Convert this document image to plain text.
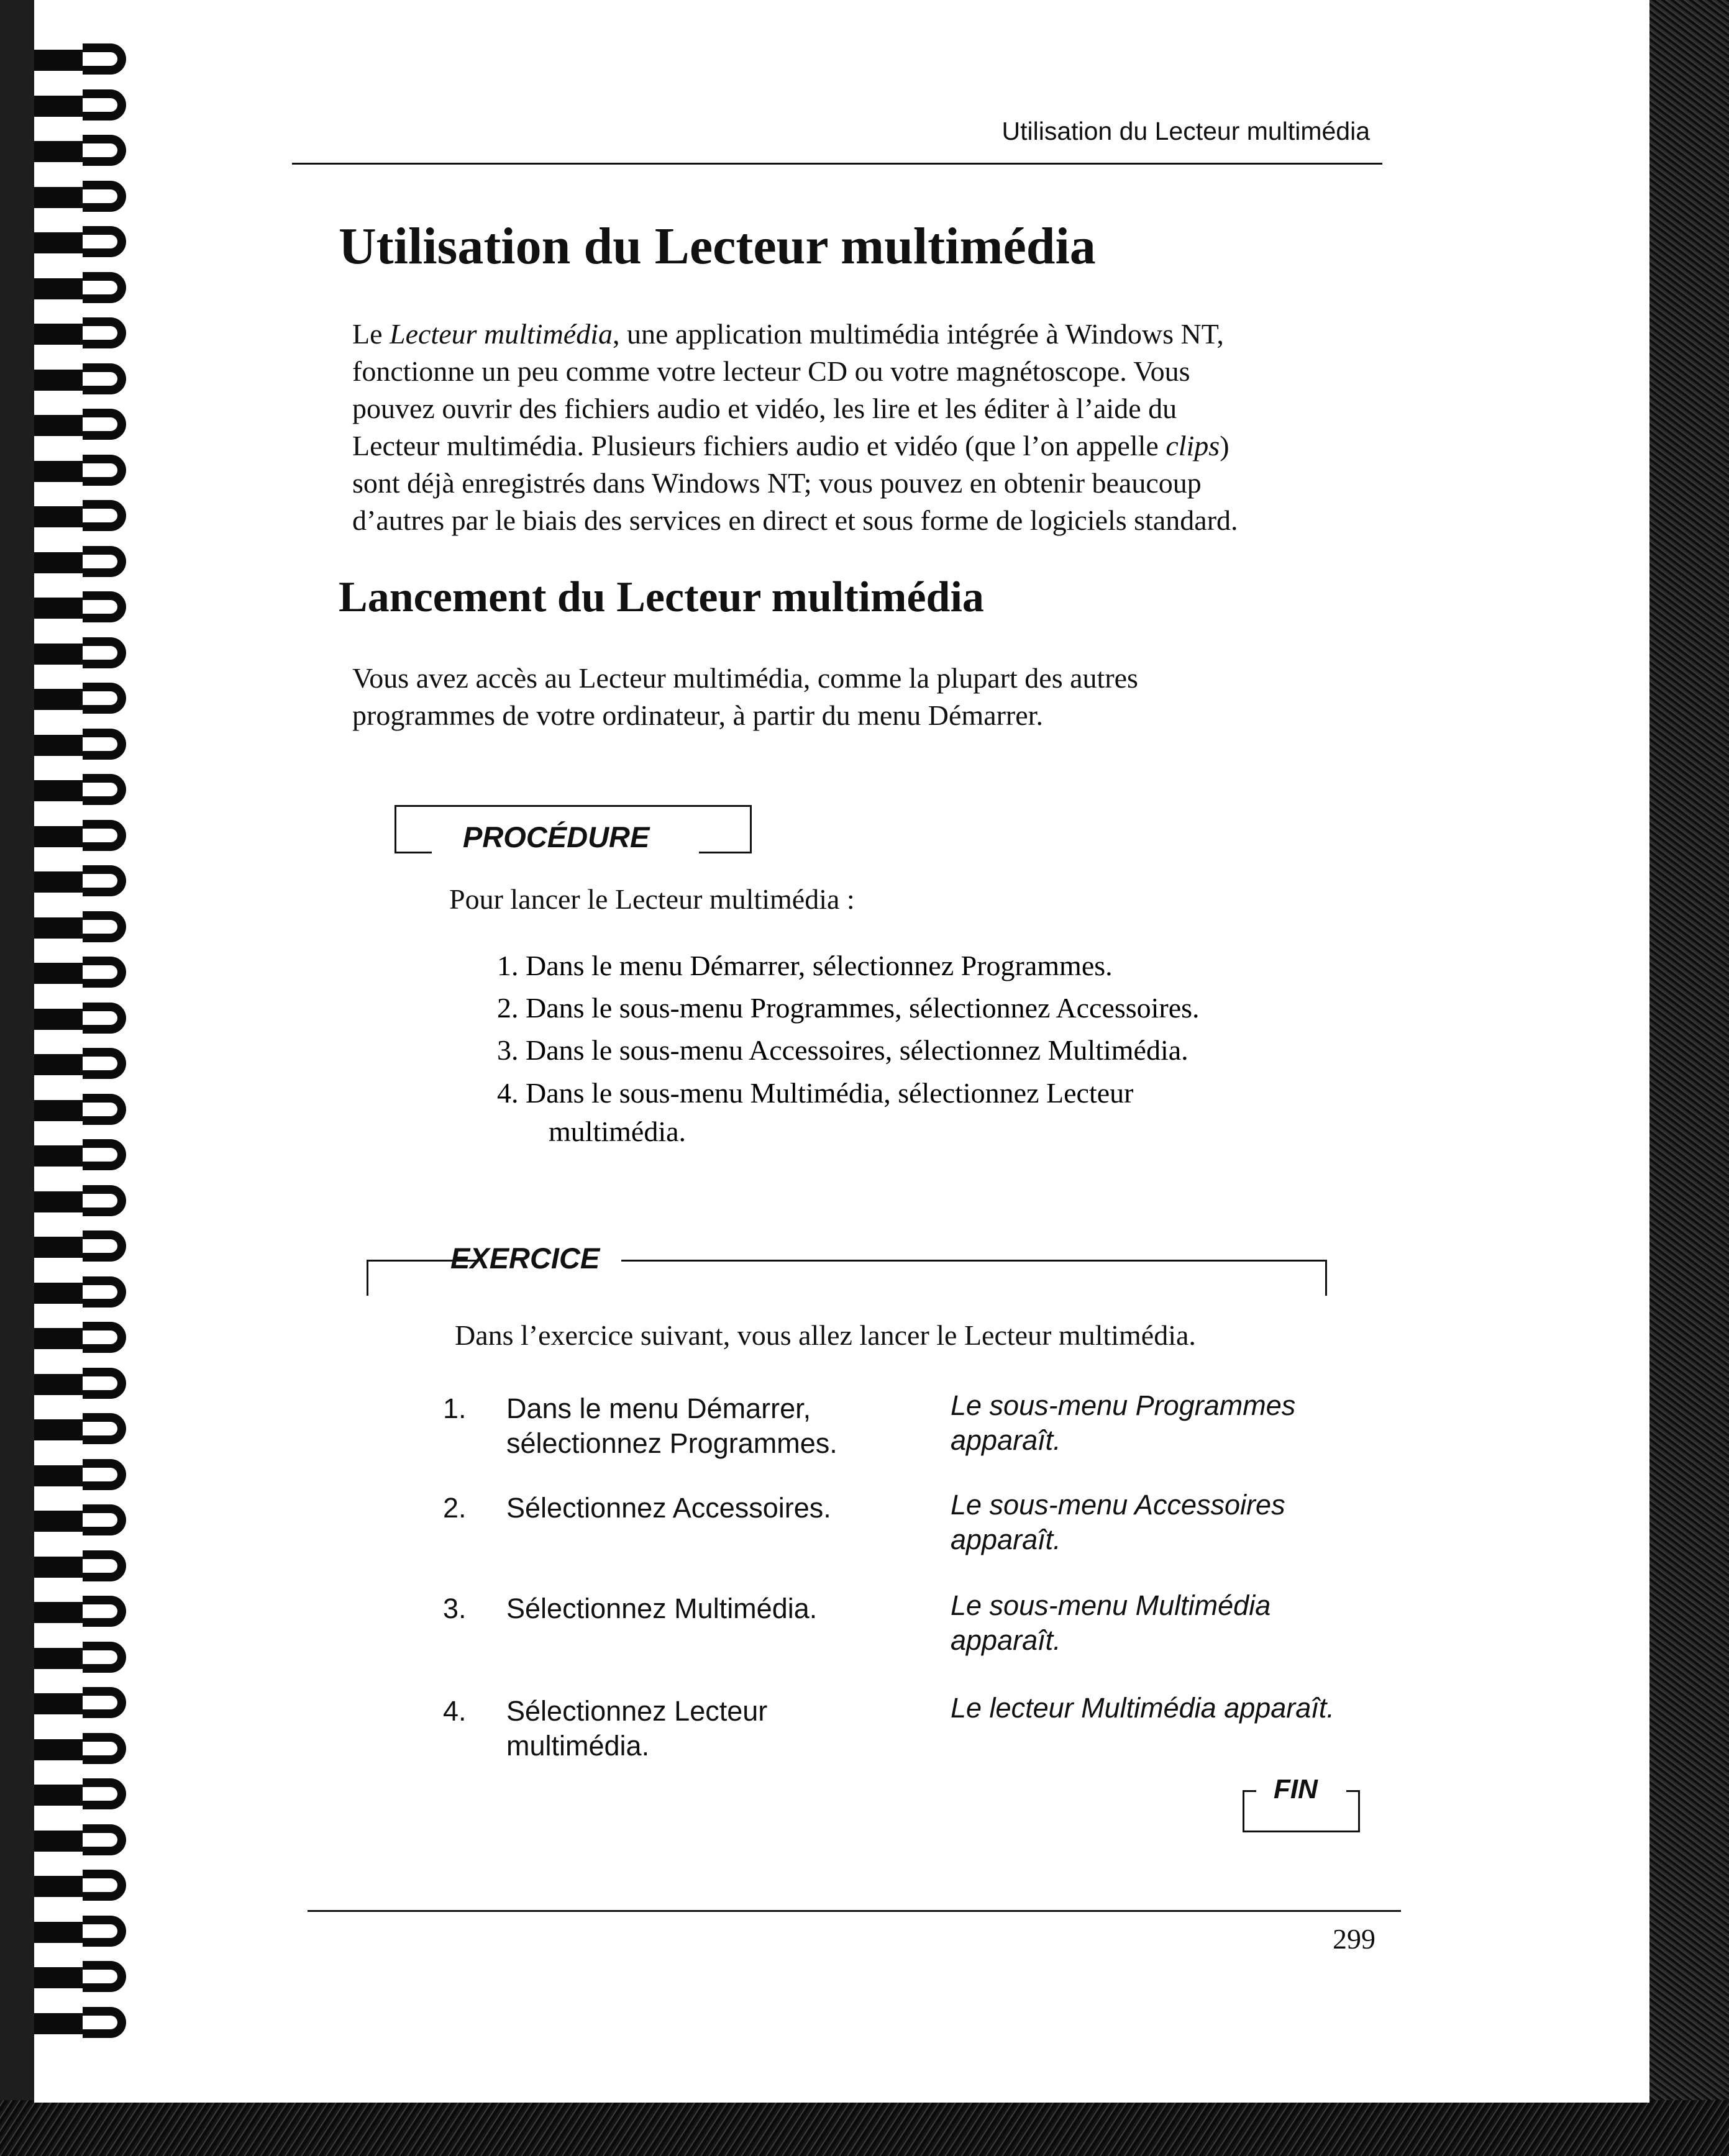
Utilisation du Lecteur multimédia
Utilisation du Lecteur multimédia
Le Lecteur multimédia, une application multimédia intégrée à Windows NT,
fonctionne un peu comme votre lecteur CD ou votre magnétoscope. Vous
pouvez ouvrir des fichiers audio et vidéo, les lire et les éditer à l’aide du
Lecteur multimédia. Plusieurs fichiers audio et vidéo (que l’on appelle clips)
sont déjà enregistrés dans Windows NT; vous pouvez en obtenir beaucoup
d’autres par le biais des services en direct et sous forme de logiciels standard.
Lancement du Lecteur multimédia
Vous avez accès au Lecteur multimédia, comme la plupart des autres
programmes de votre ordinateur, à partir du menu Démarrer.
PROCÉDURE
Pour lancer le Lecteur multimédia :
1. Dans le menu Démarrer, sélectionnez Programmes.
2. Dans le sous-menu Programmes, sélectionnez Accessoires.
3. Dans le sous-menu Accessoires, sélectionnez Multimédia.
4. Dans le sous-menu Multimédia, sélectionnez Lecteur
multimédia.
EXERCICE
Dans l’exercice suivant, vous allez lancer le Lecteur multimédia.
1. Dans le menu Démarrer,
sélectionnez Programmes.
Le sous-menu Programmes
apparaît.
2. Sélectionnez Accessoires.	Le sous-menu Accessoires
apparaît.
3. Sélectionnez Multimédia.	Le sous-menu Multimédia
apparaît.
4. Sélectionnez Lecteur
multimédia.
Le lecteur Multimédia apparaît.
FIN
299
